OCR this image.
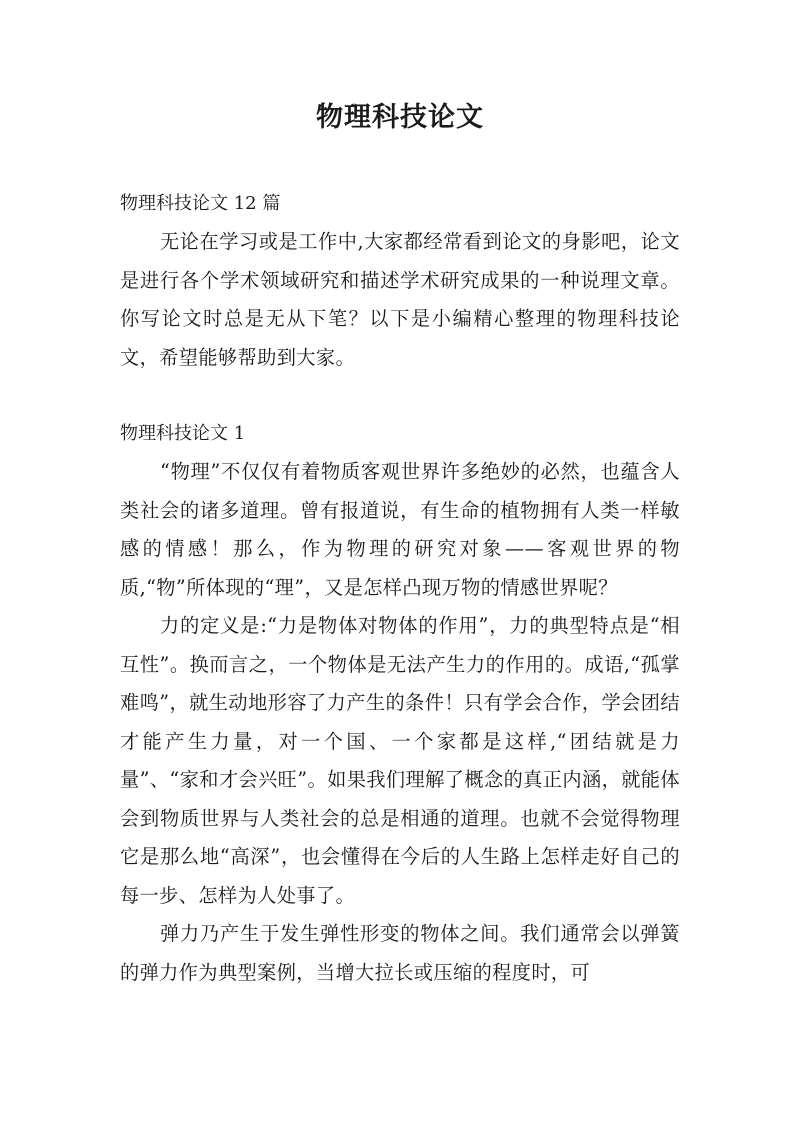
物理科技论文

物理科技论文 12 篇

无论在学习或是工作中,大家都经常看到论文的身影吧，论文是进行各个学术领域研究和描述学术研究成果的一种说理文章。你写论文时总是无从下笔？以下是小编精心整理的物理科技论文，希望能够帮助到大家。

物理科技论文 1

“物理”不仅仅有着物质客观世界许多绝妙的必然，也蕴含人类社会的诸多道理。曾有报道说，有生命的植物拥有人类一样敏感的情感！那么，作为物理的研究对象——客观世界的物质,“物”所体现的“理”，又是怎样凸现万物的情感世界呢？

力的定义是:“力是物体对物体的作用”，力的典型特点是“相互性”。换而言之，一个物体是无法产生力的作用的。成语,“孤掌难鸣”，就生动地形容了力产生的条件！只有学会合作，学会团结才能产生力量，对一个国、一个家都是这样,“团结就是力量”、“家和才会兴旺”。如果我们理解了概念的真正内涵，就能体会到物质世界与人类社会的总是相通的道理。也就不会觉得物理它是那么地“高深”，也会懂得在今后的人生路上怎样走好自己的每一步、怎样为人处事了。

弹力乃产生于发生弹性形变的物体之间。我们通常会以弹簧的弹力作为典型案例，当增大拉长或压缩的程度时，可
